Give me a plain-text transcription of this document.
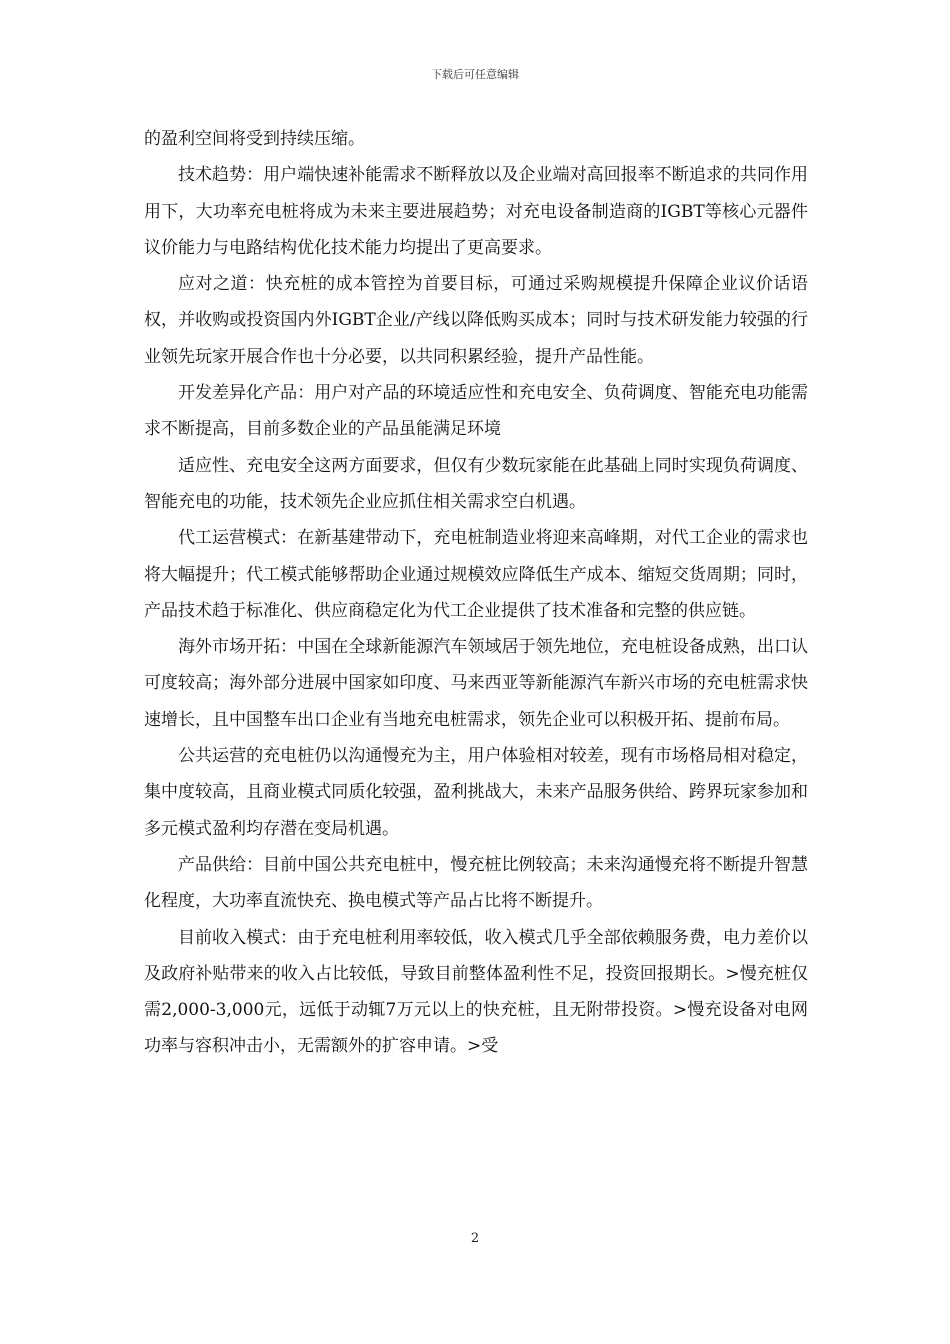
下载后可任意编辑

的盈利空间将受到持续压缩。

技术趋势：用户端快速补能需求不断释放以及企业端对高回报率不断追求的共同作用用下，大功率充电桩将成为未来主要进展趋势；对充电设备制造商的IGBT等核心元器件议价能力与电路结构优化技术能力均提出了更高要求。

应对之道：快充桩的成本管控为首要目标，可通过采购规模提升保障企业议价话语权，并收购或投资国内外IGBT企业/产线以降低购买成本；同时与技术研发能力较强的行业领先玩家开展合作也十分必要，以共同积累经验，提升产品性能。

开发差异化产品：用户对产品的环境适应性和充电安全、负荷调度、智能充电功能需求不断提高，目前多数企业的产品虽能满足环境

适应性、充电安全这两方面要求，但仅有少数玩家能在此基础上同时实现负荷调度、智能充电的功能，技术领先企业应抓住相关需求空白机遇。

代工运营模式：在新基建带动下，充电桩制造业将迎来高峰期，对代工企业的需求也将大幅提升；代工模式能够帮助企业通过规模效应降低生产成本、缩短交货周期；同时，产品技术趋于标准化、供应商稳定化为代工企业提供了技术准备和完整的供应链。

海外市场开拓：中国在全球新能源汽车领域居于领先地位，充电桩设备成熟，出口认可度较高；海外部分进展中国家如印度、马来西亚等新能源汽车新兴市场的充电桩需求快速增长，且中国整车出口企业有当地充电桩需求，领先企业可以积极开拓、提前布局。

公共运营的充电桩仍以沟通慢充为主，用户体验相对较差，现有市场格局相对稳定，集中度较高，且商业模式同质化较强，盈利挑战大，未来产品服务供给、跨界玩家参加和多元模式盈利均存潜在变局机遇。

产品供给：目前中国公共充电桩中，慢充桩比例较高；未来沟通慢充将不断提升智慧化程度，大功率直流快充、换电模式等产品占比将不断提升。

目前收入模式：由于充电桩利用率较低，收入模式几乎全部依赖服务费，电力差价以及政府补贴带来的收入占比较低，导致目前整体盈利性不足，投资回报期长。>慢充桩仅需2,000-3,000元，远低于动辄7万元以上的快充桩，且无附带投资。>慢充设备对电网功率与容积冲击小，无需额外的扩容申请。>受

2
